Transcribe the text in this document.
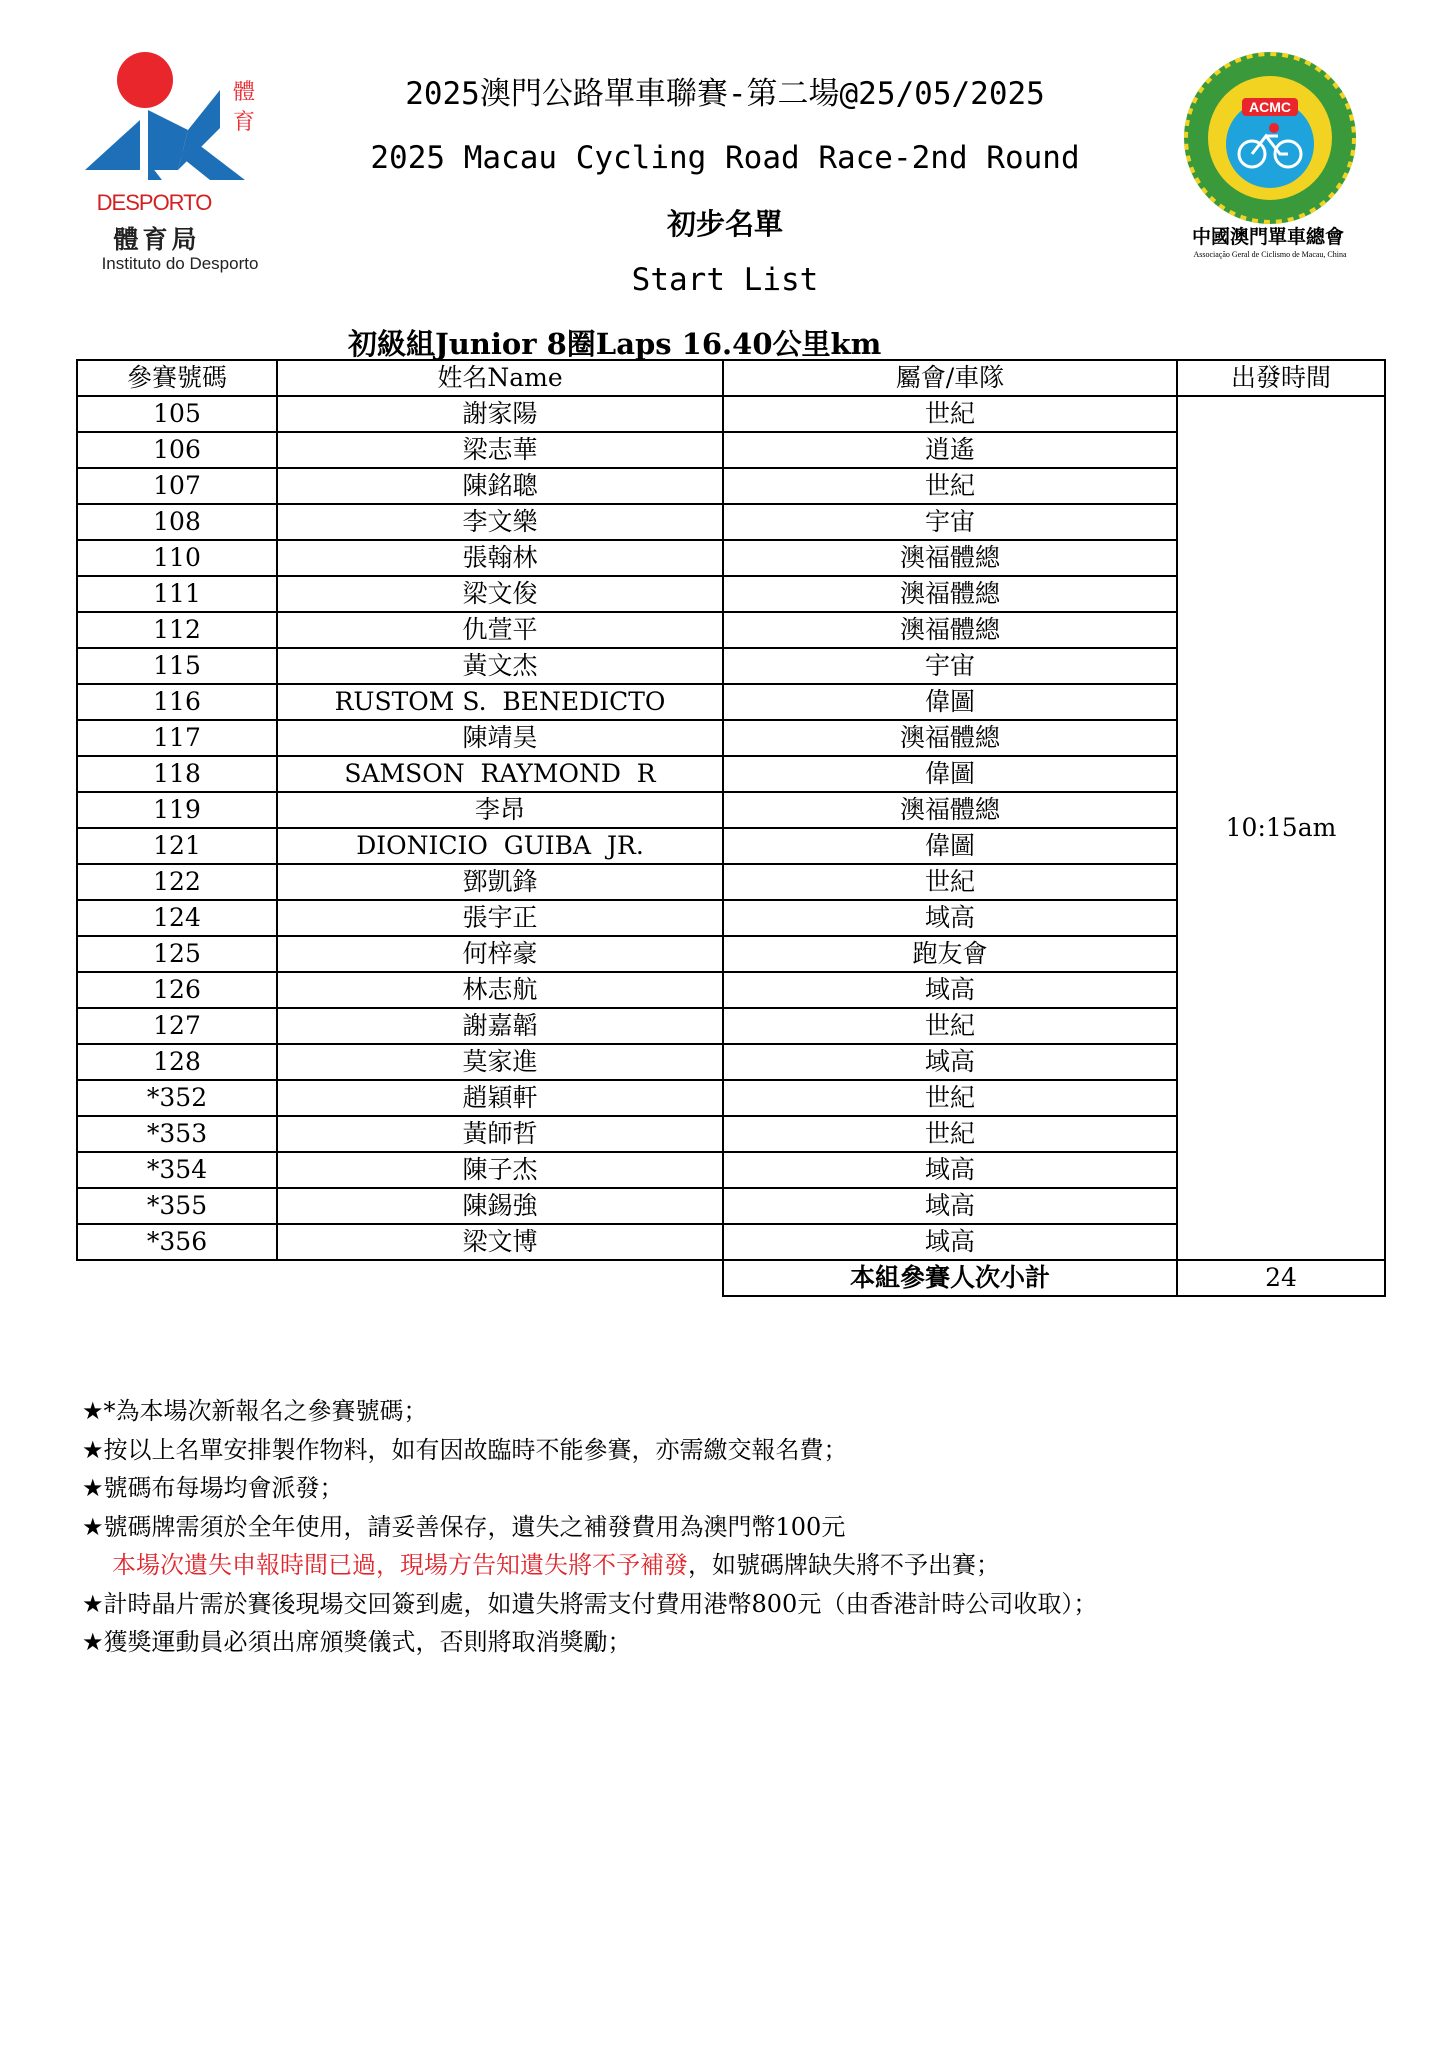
體
育
DESPORTO
體育局
Instituto do Desporto
ACMC
中國澳門單車總會
Associação Geral de Ciclismo de Macau, China
2025澳門公路單車聯賽-第二場@25/05/2025
2025 Macau Cycling Road Race-2nd Round
初步名單
Start List
初級組Junior 8圈Laps 16.40公里km
參賽號碼	姓名Name	屬會/車隊	出發時間
105	謝家陽	世紀	10:15am
106	梁志華	逍遙	
107	陳銘聰	世紀	
108	李文樂	宇宙	
110	張翰林	澳福體總	
111	梁文俊	澳福體總	
112	仇萱平	澳福體總	
115	黃文杰	宇宙	
116	RUSTOM S.  BENEDICTO	偉圖	
117	陳靖昊	澳福體總	
118	SAMSON  RAYMOND  R	偉圖	
119	李昂	澳福體總	
121	DIONICIO  GUIBA  JR.	偉圖	
122	鄧凱鋒	世紀	
124	張宇正	域高	
125	何梓豪	跑友會	
126	林志航	域高	
127	謝嘉韜	世紀	
128	莫家進	域高	
*352	趙穎軒	世紀	
*353	黃師哲	世紀	
*354	陳子杰	域高	
*355	陳錫強	域高	
*356	梁文博	域高	
		本組參賽人次小計	24
★*為本場次新報名之參賽號碼；
★按以上名單安排製作物料，如有因故臨時不能參賽，亦需繳交報名費；
★號碼布每場均會派發；
★號碼牌需須於全年使用，請妥善保存，遺失之補發費用為澳門幣100元
本場次遺失申報時間已過，現場方告知遺失將不予補發，如號碼牌缺失將不予出賽；
★計時晶片需於賽後現場交回簽到處，如遺失將需支付費用港幣800元（由香港計時公司收取）；
★獲獎運動員必須出席頒獎儀式，否則將取消獎勵；
